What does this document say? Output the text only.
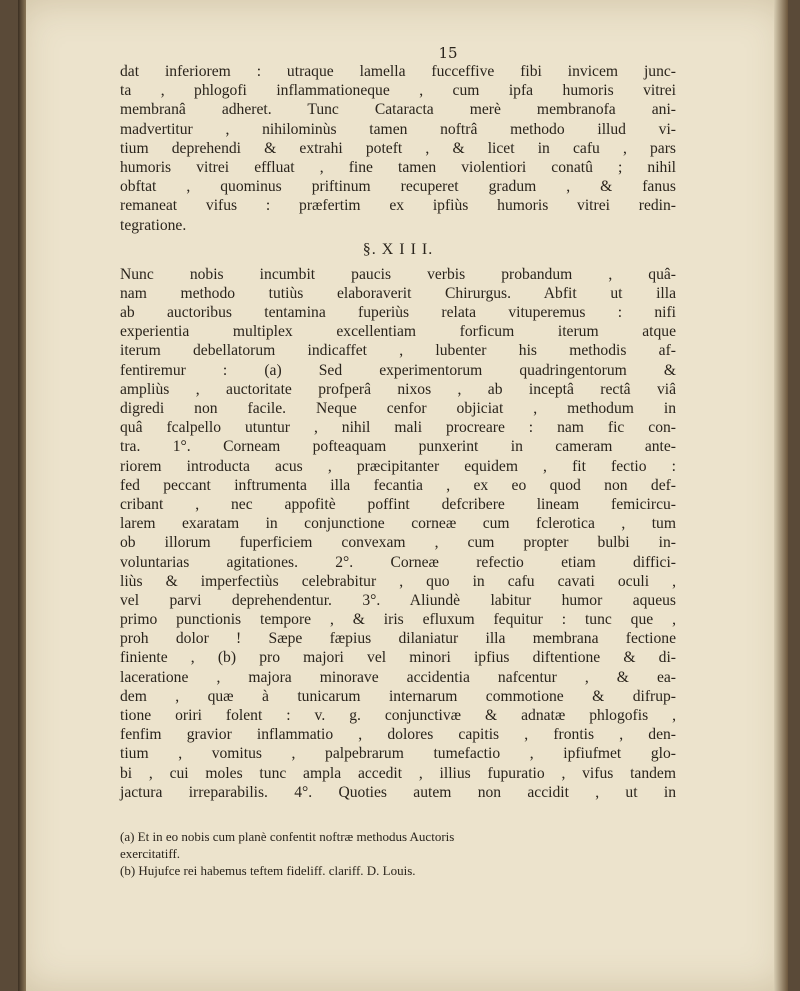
15
dat inferiorem : utraque lamella fucceffive fibi invicem junc-
ta , phlogofi inflammationeque , cum ipfa humoris vitrei
membranâ adheret. Tunc Cataracta merè membranofa ani-
madvertitur , nihilominùs tamen noftrâ methodo illud vi-
tium deprehendi & extrahi poteft , & licet in cafu , pars
humoris vitrei effluat , fine tamen violentiori conatû ; nihil
obftat , quominus priftinum recuperet gradum , & fanus
remaneat vifus : præfertim ex ipfiùs humoris vitrei redin-
tegratione.
§. X I I I.
Nunc nobis incumbit paucis verbis probandum , quâ-
nam methodo tutiùs elaboraverit Chirurgus. Abfit ut illa
ab auctoribus tentamina fuperiùs relata vituperemus : nifi
experientia multiplex excellentiam forficum iterum atque
iterum debellatorum indicaffet , lubenter his methodis af-
fentiremur : (a) Sed experimentorum quadringentorum &
ampliùs , auctoritate profperâ nixos , ab inceptâ rectâ viâ
digredi non facile. Neque cenfor objiciat , methodum in
quâ fcalpello utuntur , nihil mali procreare : nam fic con-
tra. 1°. Corneam pofteaquam punxerint in cameram ante-
riorem introducta acus , præcipitanter equidem , fit fectio :
fed peccant inftrumenta illa fecantia , ex eo quod non def-
cribant , nec appofitè poffint defcribere lineam femicircu-
larem exaratam in conjunctione corneæ cum fclerotica , tum
ob illorum fuperficiem convexam , cum propter bulbi in-
voluntarias agitationes. 2°. Corneæ refectio etiam diffici-
liùs & imperfectiùs celebrabitur , quo in cafu cavati oculi ,
vel parvi deprehendentur. 3°. Aliundè labitur humor aqueus
primo punctionis tempore , & iris efluxum fequitur : tunc que ,
proh dolor ! Sæpe fæpius dilaniatur illa membrana fectione
finiente , (b) pro majori vel minori ipfius diftentione & di-
laceratione , majora minorave accidentia nafcentur , & ea-
dem , quæ à tunicarum internarum commotione & difrup-
tione oriri folent : v. g. conjunctivæ & adnatæ phlogofis ,
fenfim gravior inflammatio , dolores capitis , frontis , den-
tium , vomitus , palpebrarum tumefactio , ipfiufmet glo-
bi , cui moles tunc ampla accedit , illius fupuratio , vifus tandem
jactura irreparabilis. 4°. Quoties autem non accidit , ut in
(a) Et in eo nobis cum planè confentit noftræ methodus Auctoris
exercitatiff.
(b) Hujufce rei habemus teftem fideliff. clariff. D. Louis.
